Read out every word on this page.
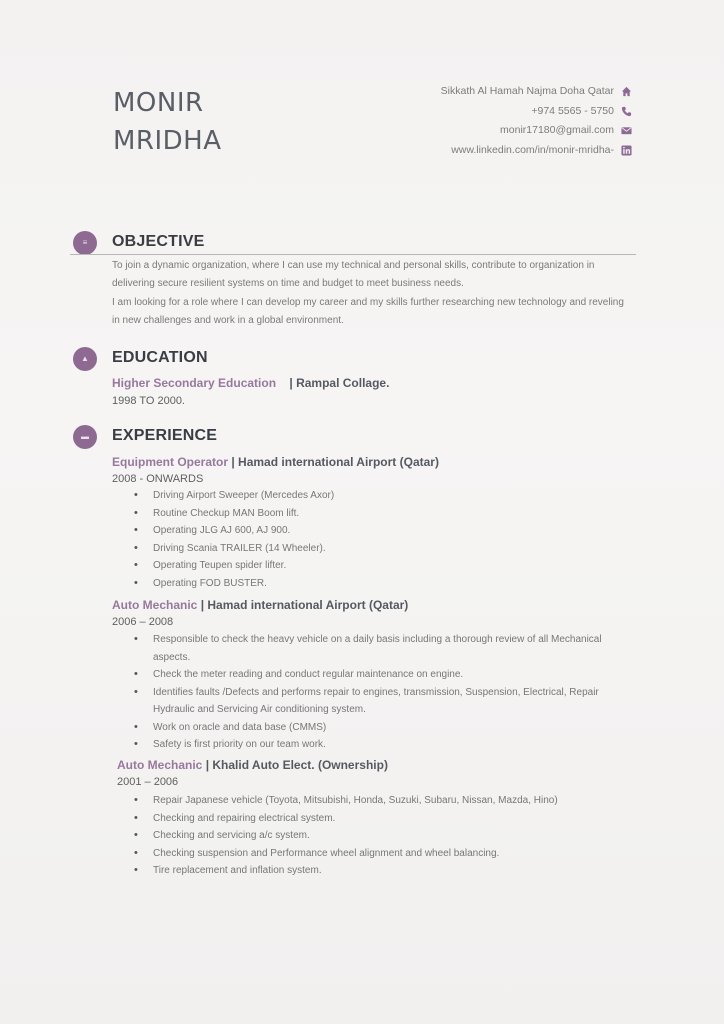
MONIR
MRIDHA
Sikkath Al Hamah Najma Doha Qatar
+974 5565 - 5750
monir17180@gmail.com
www.linkedin.com/in/monir-mridha-
≡	OBJECTIVE
To join a dynamic organization, where I can use my technical and personal skills, contribute to organization in delivering secure resilient systems on time and budget to meet business needs.
I am looking for a role where I can develop my career and my skills further researching new technology and reveling in new challenges and work in a global environment.
▲	EDUCATION
Higher Secondary Education | Rampal Collage.
1998 TO 2000.
▬	EXPERIENCE
Equipment Operator | Hamad international Airport (Qatar)
2008 - ONWARDS
• Driving Airport Sweeper (Mercedes Axor)
• Routine Checkup MAN Boom lift.
• Operating JLG AJ 600, AJ 900.
• Driving Scania TRAILER (14 Wheeler).
• Operating Teupen spider lifter.
• Operating FOD BUSTER.
Auto Mechanic | Hamad international Airport (Qatar)
2006 – 2008
• Responsible to check the heavy vehicle on a daily basis including a thorough review of all Mechanical aspects.
• Check the meter reading and conduct regular maintenance on engine.
• Identifies faults /Defects and performs repair to engines, transmission, Suspension, Electrical, Repair Hydraulic and Servicing Air conditioning system.
• Work on oracle and data base (CMMS)
• Safety is first priority on our team work.
Auto Mechanic | Khalid Auto Elect. (Ownership)
2001 – 2006
• Repair Japanese vehicle (Toyota, Mitsubishi, Honda, Suzuki, Subaru, Nissan, Mazda, Hino)
• Checking and repairing electrical system.
• Checking and servicing a/c system.
• Checking suspension and Performance wheel alignment and wheel balancing.
• Tire replacement and inflation system.
